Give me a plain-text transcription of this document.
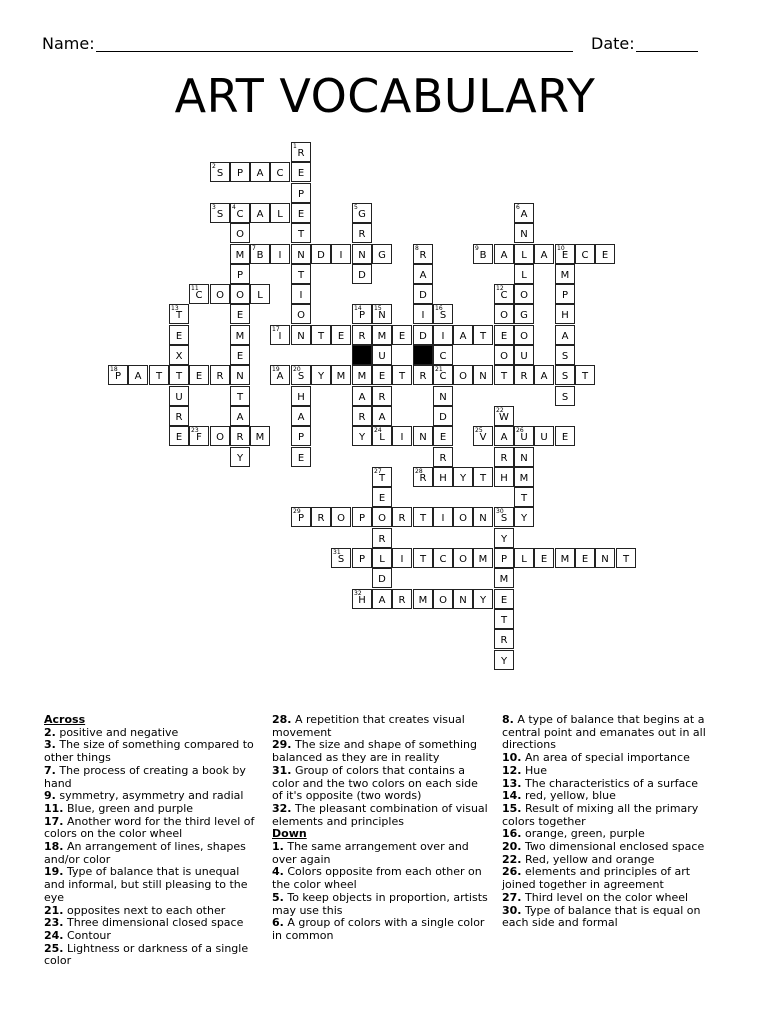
Name:	Date:
ART VOCABULARY
1
R
E
P
E
T
N
T
I
O
N
2
S	P	A	C
3
S
4
C	A	L
O
M
P
O
E
M
E
N
T
A
R
Y
5
G
R
N
D
6
A
N
L
L
O
G
O
U
R
7
B	I	D	I	G
8
R
A
D
I
D
9
B	A	A
10
E	C	E
M
P
H
A
S
S
S
11
C	O	L
12
C
O
E
O
T
13
T
E
X
T
U
R
E
14
P
R
M
A
R
Y
15
N
M
U
E
R
A
24
L
16
S
I
C
21
C
N
D
E
R
H
17
I	T	E	E	A	T
18
P	A	T	E	R
19
A
20
S	Y	M	T	R
H
A
P
E
O	N	A	T
22
W
A
R
H
23
F	O	M	I	N
25
V
26
U	U	E
N
M
T
Y
27
T
E
O
R
L
D
A
28
R	Y	T
29
P	R	O	P	R	T	I	O	N
30
S
Y
P
M
E
T
R
Y
31
S	P	I	T	C	O	M	L	E	M	E	N	T
32
H	R	M	O	N	Y
Across
2. positive and negative
3. The size of something compared to other things
7. The process of creating a book by hand
9. symmetry, asymmetry and radial
11. Blue, green and purple
17. Another word for the third level of colors on the color wheel
18. An arrangement of lines, shapes and/or color
19. Type of balance that is unequal and informal, but still pleasing to the eye
21. opposites next to each other
23. Three dimensional closed space
24. Contour
25. Lightness or darkness of a single color
28. A repetition that creates visual movement
29. The size and shape of something balanced as they are in reality
31. Group of colors that contains a color and the two colors on each side of it's opposite (two words)
32. The pleasant combination of visual elements and principles
Down
1. The same arrangement over and over again
4. Colors opposite from each other on the color wheel
5. To keep objects in proportion, artists may use this
6. A group of colors with a single color in common
8. A type of balance that begins at a central point and emanates out in all directions
10. An area of special importance
12. Hue
13. The characteristics of a surface
14. red, yellow, blue
15. Result of mixing all the primary colors together
16. orange, green, purple
20. Two dimensional enclosed space
22. Red, yellow and orange
26. elements and principles of art joined together in agreement
27. Third level on the color wheel
30. Type of balance that is equal on each side and formal
